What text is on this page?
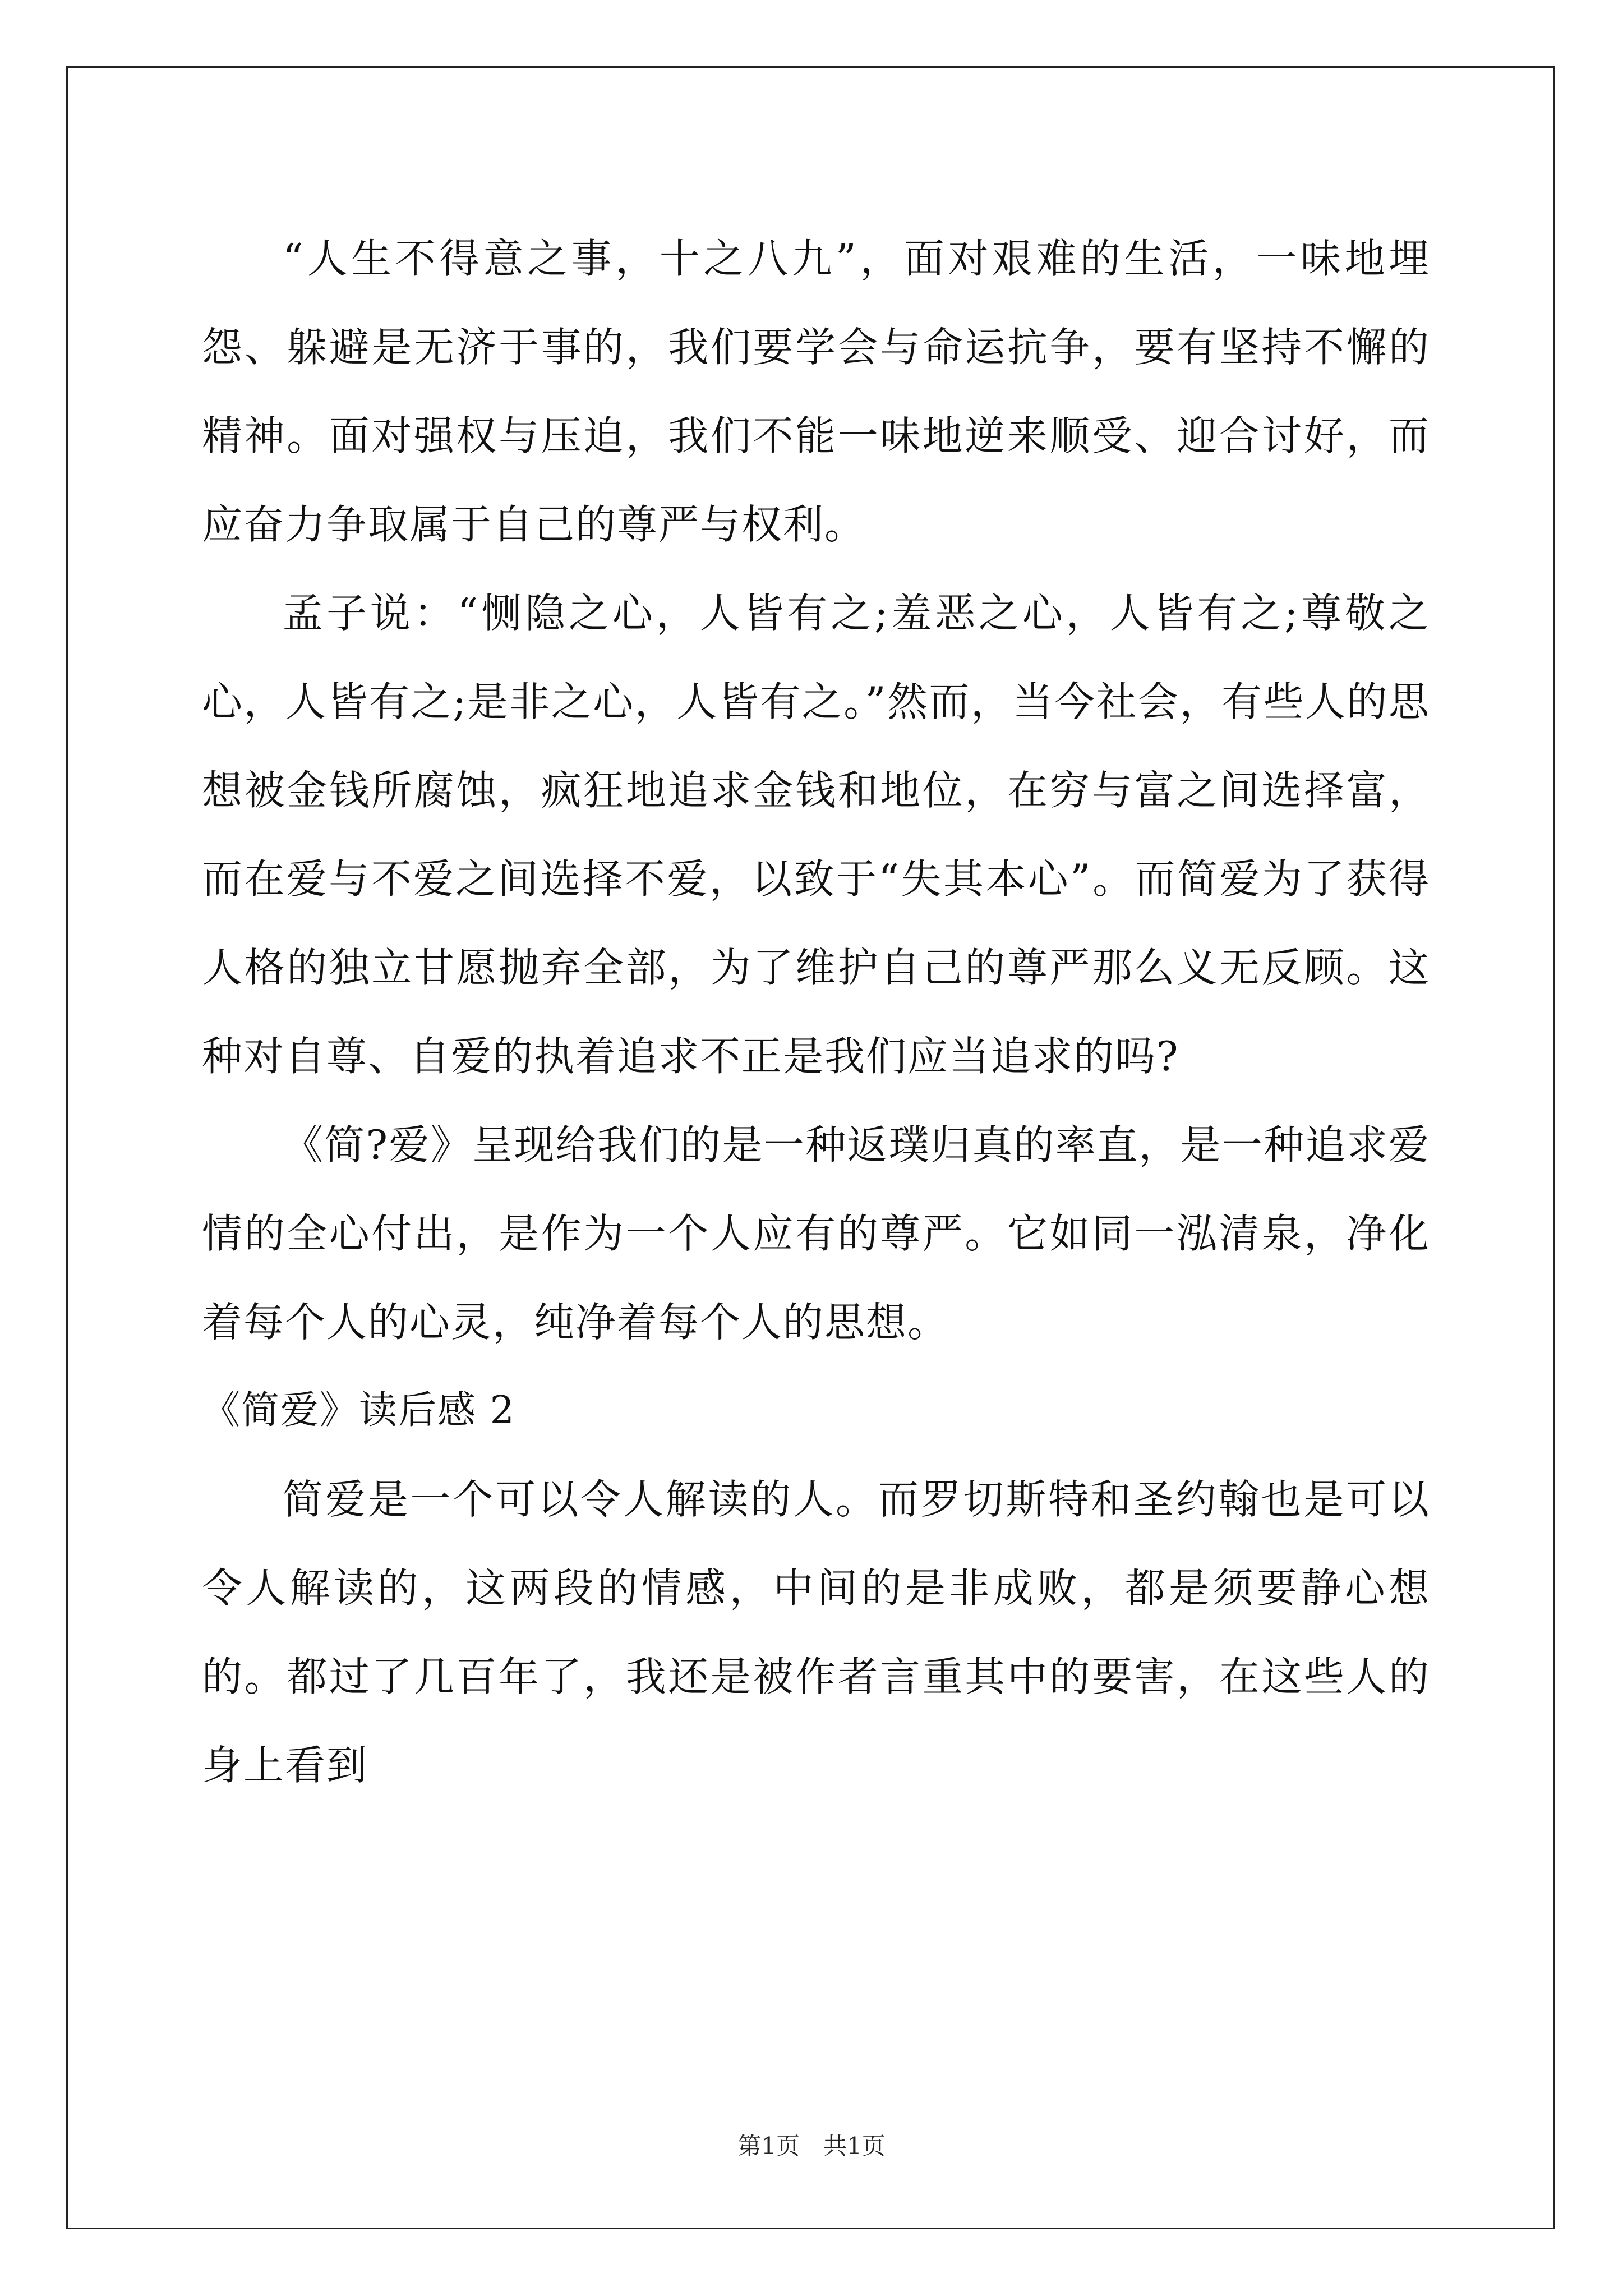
“人生不得意之事，十之八九”，面对艰难的生活，一味地埋怨、躲避是无济于事的，我们要学会与命运抗争，要有坚持不懈的精神。面对强权与压迫，我们不能一味地逆来顺受、迎合讨好，而应奋力争取属于自己的尊严与权利。

孟子说：“恻隐之心，人皆有之;羞恶之心，人皆有之;尊敬之心，人皆有之;是非之心，人皆有之。”然而，当今社会，有些人的思想被金钱所腐蚀，疯狂地追求金钱和地位，在穷与富之间选择富，而在爱与不爱之间选择不爱，以致于“失其本心”。而简爱为了获得人格的独立甘愿抛弃全部，为了维护自己的尊严那么义无反顾。这种对自尊、自爱的执着追求不正是我们应当追求的吗?

《简?爱》呈现给我们的是一种返璞归真的率直，是一种追求爱情的全心付出，是作为一个人应有的尊严。它如同一泓清泉，净化着每个人的心灵，纯净着每个人的思想。

《简爱》读后感 2

简爱是一个可以令人解读的人。而罗切斯特和圣约翰也是可以令人解读的，这两段的情感，中间的是非成败，都是须要静心想的。都过了几百年了，我还是被作者言重其中的要害，在这些人的身上看到

第1页　共1页
